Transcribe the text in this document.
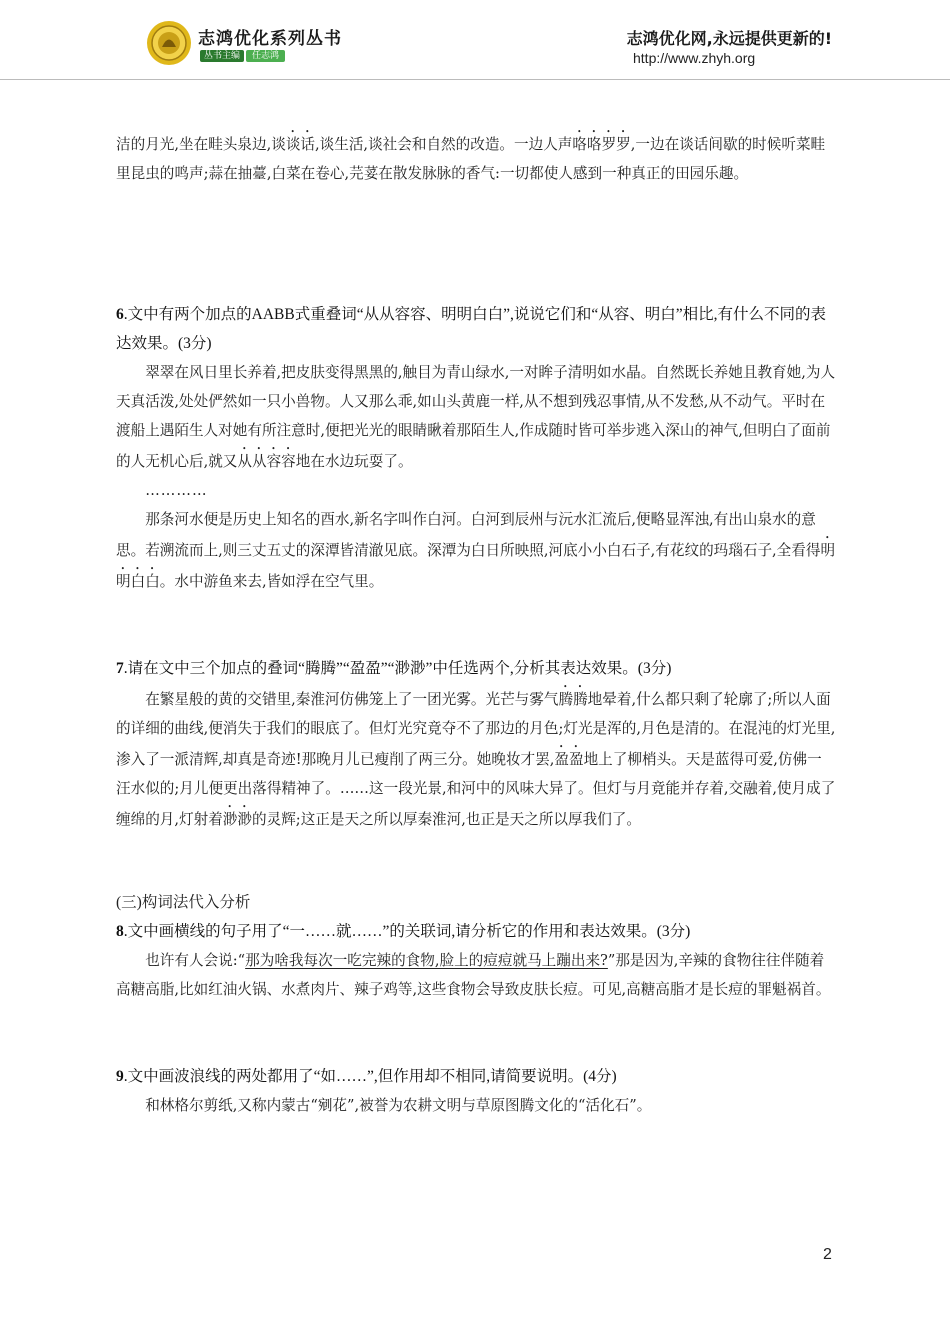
志鸿优化系列丛书
丛书主编 任志鸿
志鸿优化网,永远提供更新的!
http://www.zhyh.org

洁的月光,坐在畦头泉边,谈谈话,谈生活,谈社会和自然的改造。一边人声咯咯罗罗,一边在谈话间歇的时候听菜畦里昆虫的鸣声;蒜在抽薹,白菜在卷心,芫荽在散发脉脉的香气:一切都使人感到一种真正的田园乐趣。

6.文中有两个加点的AABB式重叠词“从从容容、明明白白”,说说它们和“从容、明白”相比,有什么不同的表达效果。(3分)

翠翠在风日里长养着,把皮肤变得黑黑的,触目为青山绿水,一对眸子清明如水晶。自然既长养她且教育她,为人天真活泼,处处俨然如一只小兽物。人又那么乖,如山头黄鹿一样,从不想到残忍事情,从不发愁,从不动气。平时在渡船上遇陌生人对她有所注意时,便把光光的眼睛瞅着那陌生人,作成随时皆可举步逃入深山的神气,但明白了面前的人无机心后,就又从从容容地在水边玩耍了。

…………

那条河水便是历史上知名的酉水,新名字叫作白河。白河到辰州与沅水汇流后,便略显浑浊,有出山泉水的意思。若溯流而上,则三丈五丈的深潭皆清澈见底。深潭为白日所映照,河底小小白石子,有花纹的玛瑙石子,全看得明明白白。水中游鱼来去,皆如浮在空气里。

7.请在文中三个加点的叠词“腾腾”“盈盈”“渺渺”中任选两个,分析其表达效果。(3分)

在繁星般的黄的交错里,秦淮河仿佛笼上了一团光雾。光芒与雾气腾腾地晕着,什么都只剩了轮廓了;所以人面的详细的曲线,便消失于我们的眼底了。但灯光究竟夺不了那边的月色;灯光是浑的,月色是清的。在混沌的灯光里,渗入了一派清辉,却真是奇迹!那晚月儿已瘦削了两三分。她晚妆才罢,盈盈地上了柳梢头。天是蓝得可爱,仿佛一汪水似的;月儿便更出落得精神了。……这一段光景,和河中的风味大异了。但灯与月竟能并存着,交融着,使月成了缠绵的月,灯射着渺渺的灵辉;这正是天之所以厚秦淮河,也正是天之所以厚我们了。

(三)构词法代入分析

8.文中画横线的句子用了“一……就……”的关联词,请分析它的作用和表达效果。(3分)

也许有人会说:“那为啥我每次一吃完辣的食物,脸上的痘痘就马上蹦出来?”那是因为,辛辣的食物往往伴随着高糖高脂,比如红油火锅、水煮肉片、辣子鸡等,这些食物会导致皮肤长痘。可见,高糖高脂才是长痘的罪魁祸首。

9.文中画波浪线的两处都用了“如……”,但作用却不相同,请简要说明。(4分)

和林格尔剪纸,又称内蒙古“剜花”,被誉为农耕文明与草原图腾文化的“活化石”。

2
